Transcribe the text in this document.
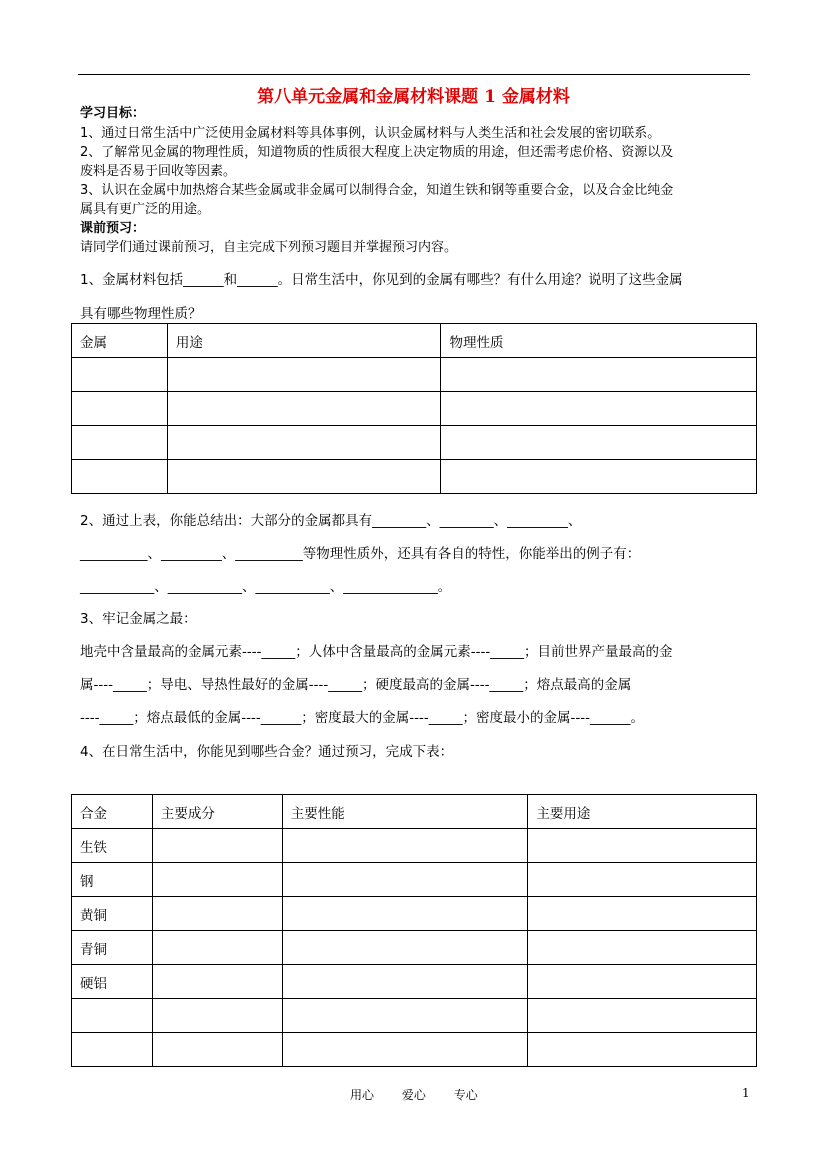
第八单元金属和金属材料课题 1 金属材料
学习目标：
1、通过日常生活中广泛使用金属材料等具体事例，认识金属材料与人类生活和社会发展的密切联系。
2、了解常见金属的物理性质，知道物质的性质很大程度上决定物质的用途，但还需考虑价格、资源以及
废料是否易于回收等因素。
3、认识在金属中加热熔合某些金属或非金属可以制得合金，知道生铁和钢等重要合金，以及合金比纯金
属具有更广泛的用途。
课前预习：
请同学们通过课前预习，自主完成下列预习题目并掌握预习内容。
1、金属材料包括______和______。日常生活中，你见到的金属有哪些？有什么用途？说明了这些金属
具有哪些物理性质？
金属	用途	物理性质

2、通过上表，你能总结出：大部分的金属都具有________、________、_________、
__________、_________、__________等物理性质外，还具有各自的特性，你能举出的例子有：
___________、___________、___________、______________。
3、牢记金属之最：
地壳中含量最高的金属元素----_____；人体中含量最高的金属元素----_____；目前世界产量最高的金
属----_____；导电、导热性最好的金属----_____；硬度最高的金属----_____；熔点最高的金属
----_____；熔点最低的金属----______；密度最大的金属----_____；密度最小的金属----______。
4、在日常生活中，你能见到哪些合金？通过预习，完成下表：
合金	主要成分	主要性能	主要用途
生铁			
钢			
黄铜			
青铜			
硬铝			

用心 爱心 专心	1
